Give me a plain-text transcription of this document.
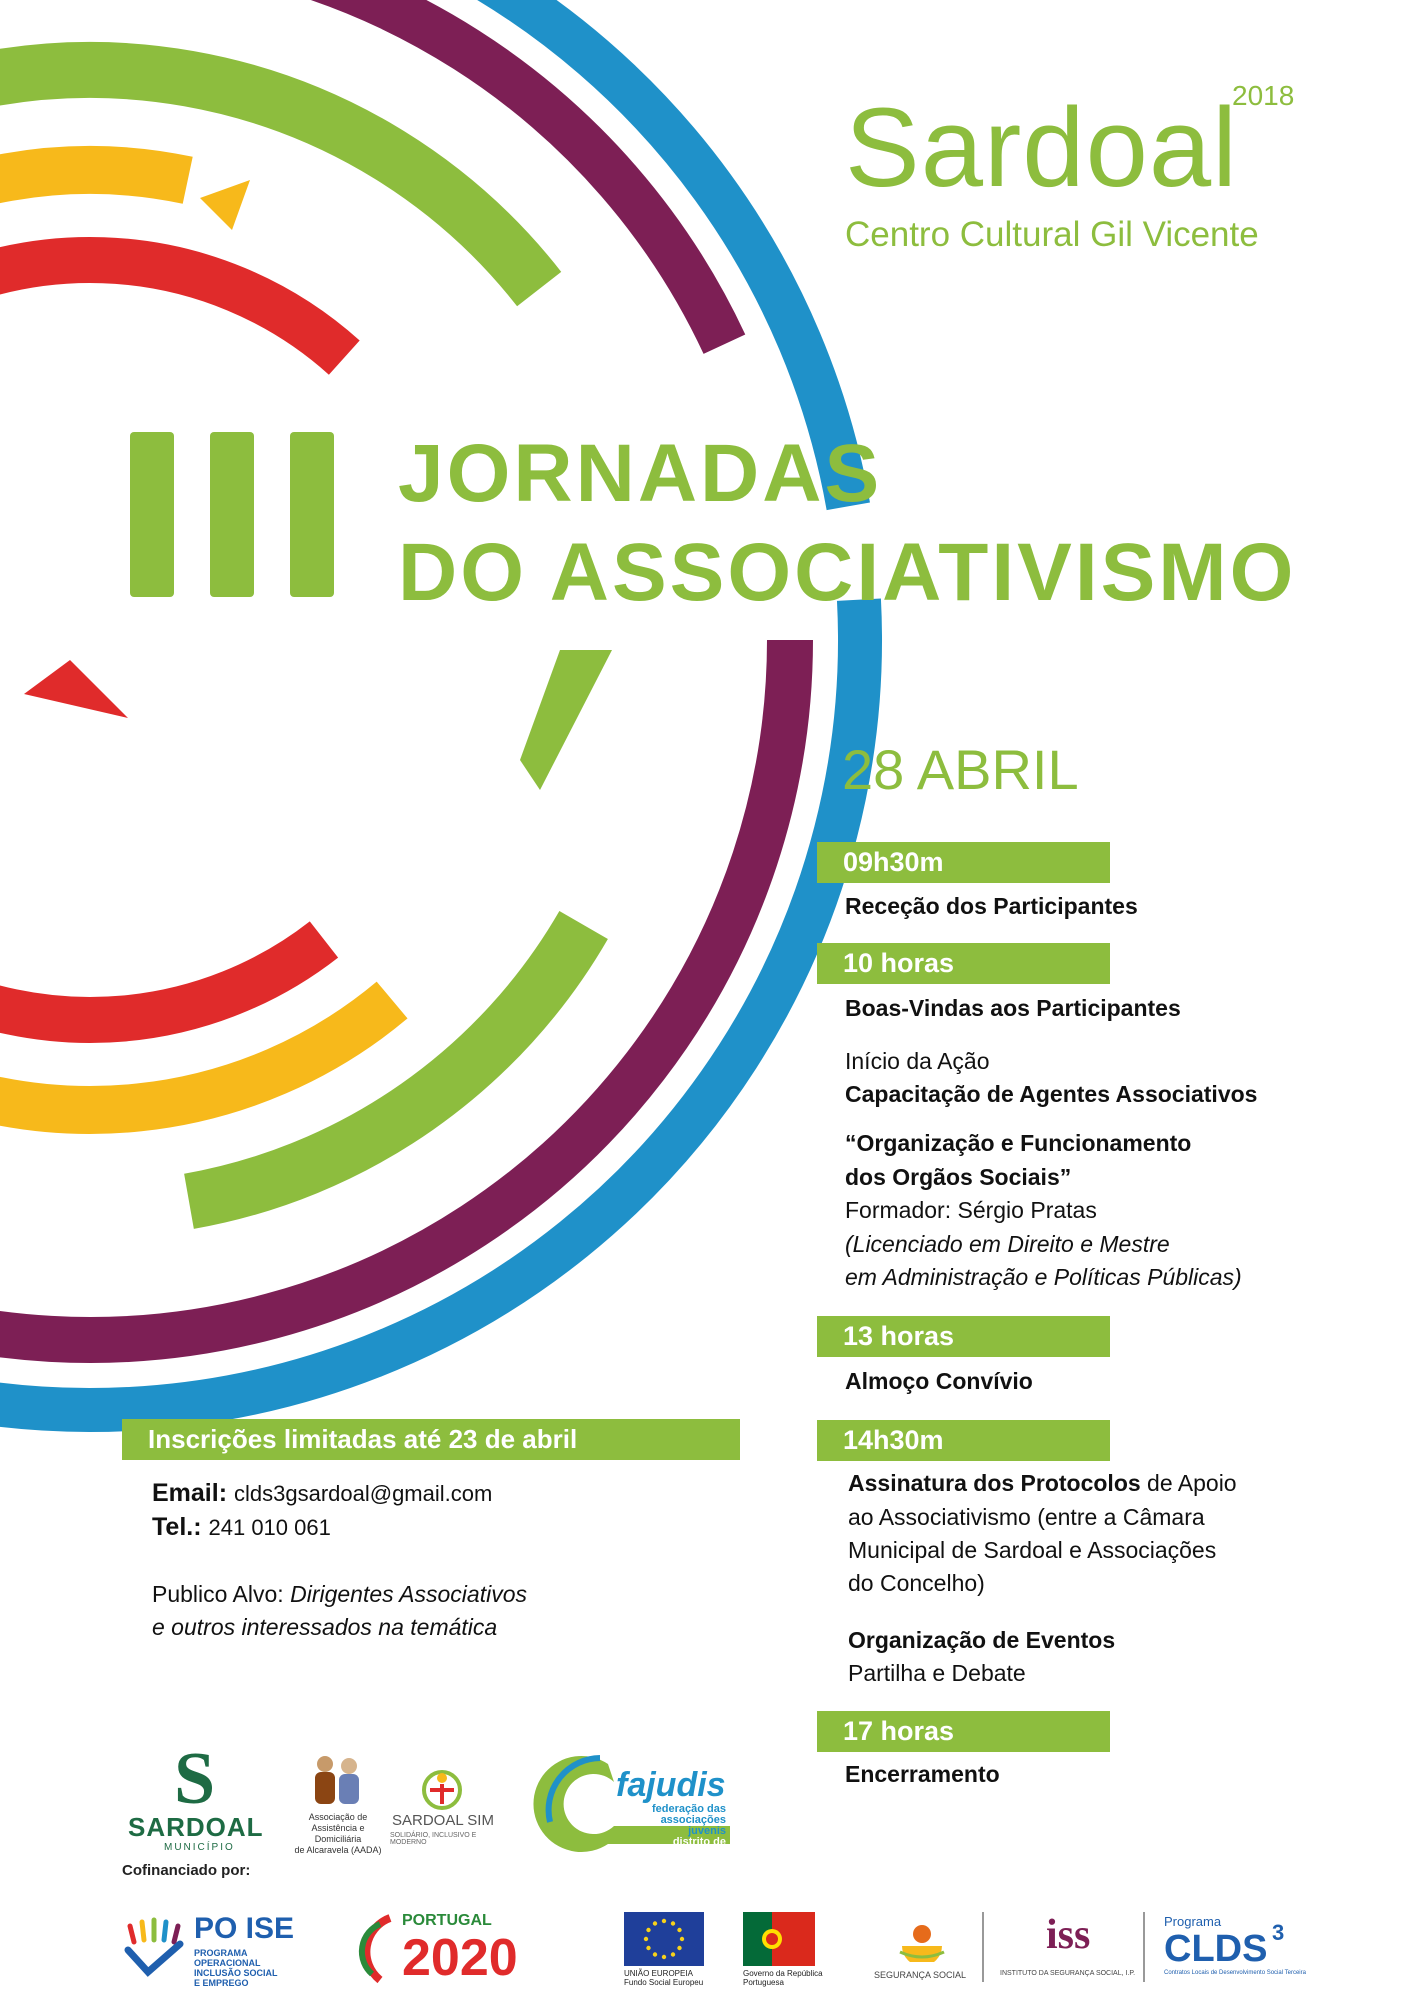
2018
Sardoal
Centro Cultural Gil Vicente
JORNADAS
DO ASSOCIATIVISMO
28 ABRIL
09h30m
Receção dos Participantes
10 horas
Boas-Vindas aos Participantes
Início da Ação
Capacitação de Agentes Associativos
“Organização e Funcionamento
dos Orgãos Sociais”
Formador: Sérgio Pratas
(Licenciado em Direito e Mestre
em Administração e Políticas Públicas)
13 horas
Almoço Convívio
14h30m
Assinatura dos Protocolos de Apoio
ao Associativismo (entre a Câmara
Municipal de Sardoal e Associações
do Concelho)
Organização de Eventos
Partilha e Debate
17 horas
Encerramento
Inscrições limitadas até 23 de abril
Email: clds3gsardoal@gmail.com
Tel.: 241 010 061
Publico Alvo: Dirigentes Associativos
e outros interessados na temática
S
SARDOAL
MUNICÍPIO
Associação de
Assistência e Domiciliária
de Alcaravela (AADA)
SARDOAL SIM
SOLIDÁRIO, INCLUSIVO E MODERNO
fajudis
federação das
associações juvenis
distrito de santarém
Cofinanciado por:
PO ISE
PROGRAMA OPERACIONAL
INCLUSÃO SOCIAL
E EMPREGO
PORTUGAL
2020	UNIÃO EUROPEIA
Fundo Social Europeu
Governo da República
Portuguesa
SEGURANÇA SOCIAL
iss
INSTITUTO DA SEGURANÇA SOCIAL, I.P.
Programa
CLDS 3
Contratos Locais de Desenvolvimento Social Terceira
